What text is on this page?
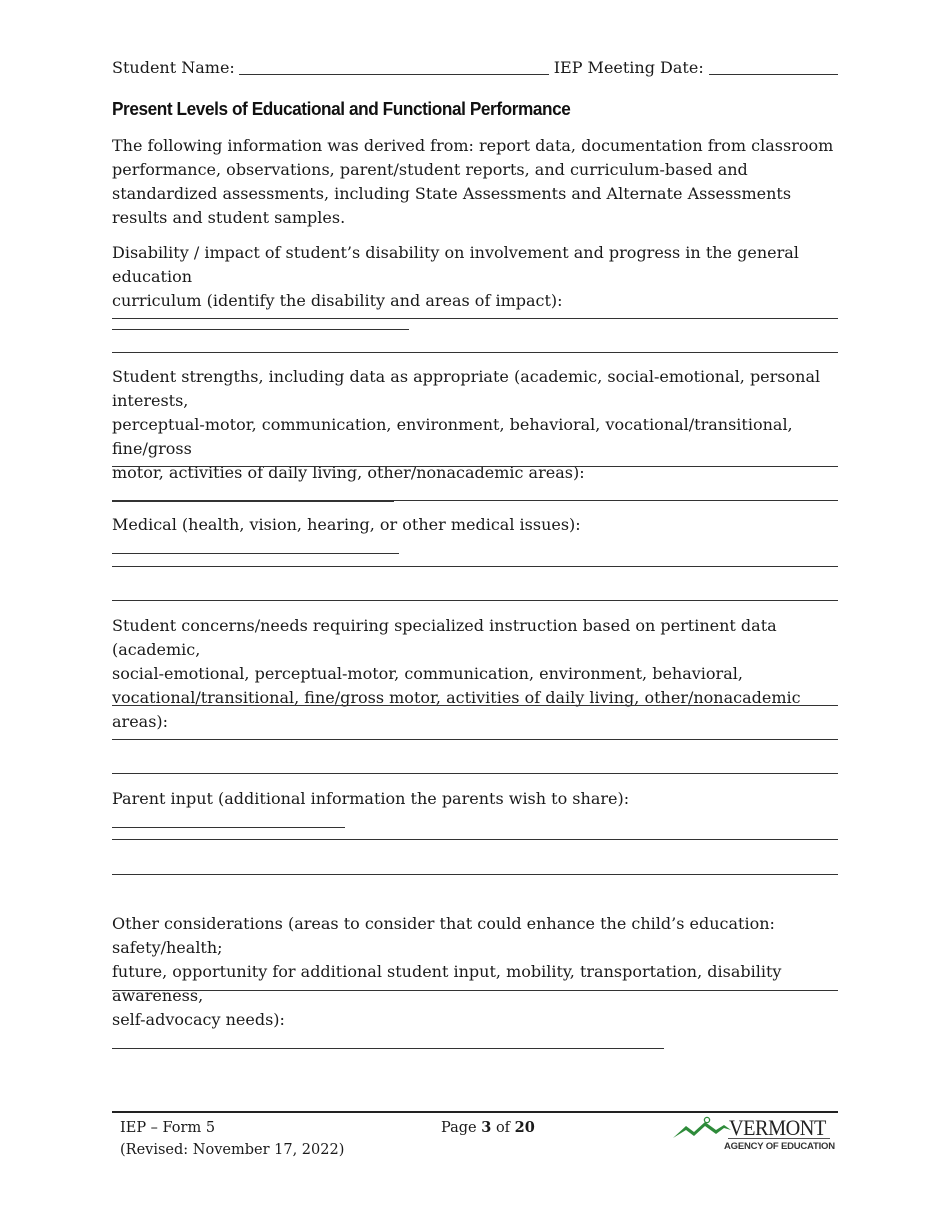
Student Name:	IEP Meeting Date:
Present Levels of Educational and Functional Performance
The following information was derived from: report data, documentation from classroom performance, observations, parent/student reports, and curriculum-based and standardized assessments, including State Assessments and Alternate Assessments results and student samples.
Disability / impact of student’s disability on involvement and progress in the general education
curriculum (identify the disability and areas of impact):
Student strengths, including data as appropriate (academic, social-emotional, personal interests,
perceptual-motor, communication, environment, behavioral, vocational/transitional, fine/gross
motor, activities of daily living, other/nonacademic areas):
Medical (health, vision, hearing, or other medical issues):
Student concerns/needs requiring specialized instruction based on pertinent data (academic,
social-emotional, perceptual-motor, communication, environment, behavioral,
vocational/transitional, fine/gross motor, activities of daily living, other/nonacademic areas):
Parent input (additional information the parents wish to share):
Other considerations (areas to consider that could enhance the child’s education: safety/health;
future, opportunity for additional student input, mobility, transportation, disability awareness,
self-advocacy needs):
IEP – Form 5
(Revised: November 17, 2022)
Page 3 of 20	VERMONT
AGENCY OF EDUCATION
